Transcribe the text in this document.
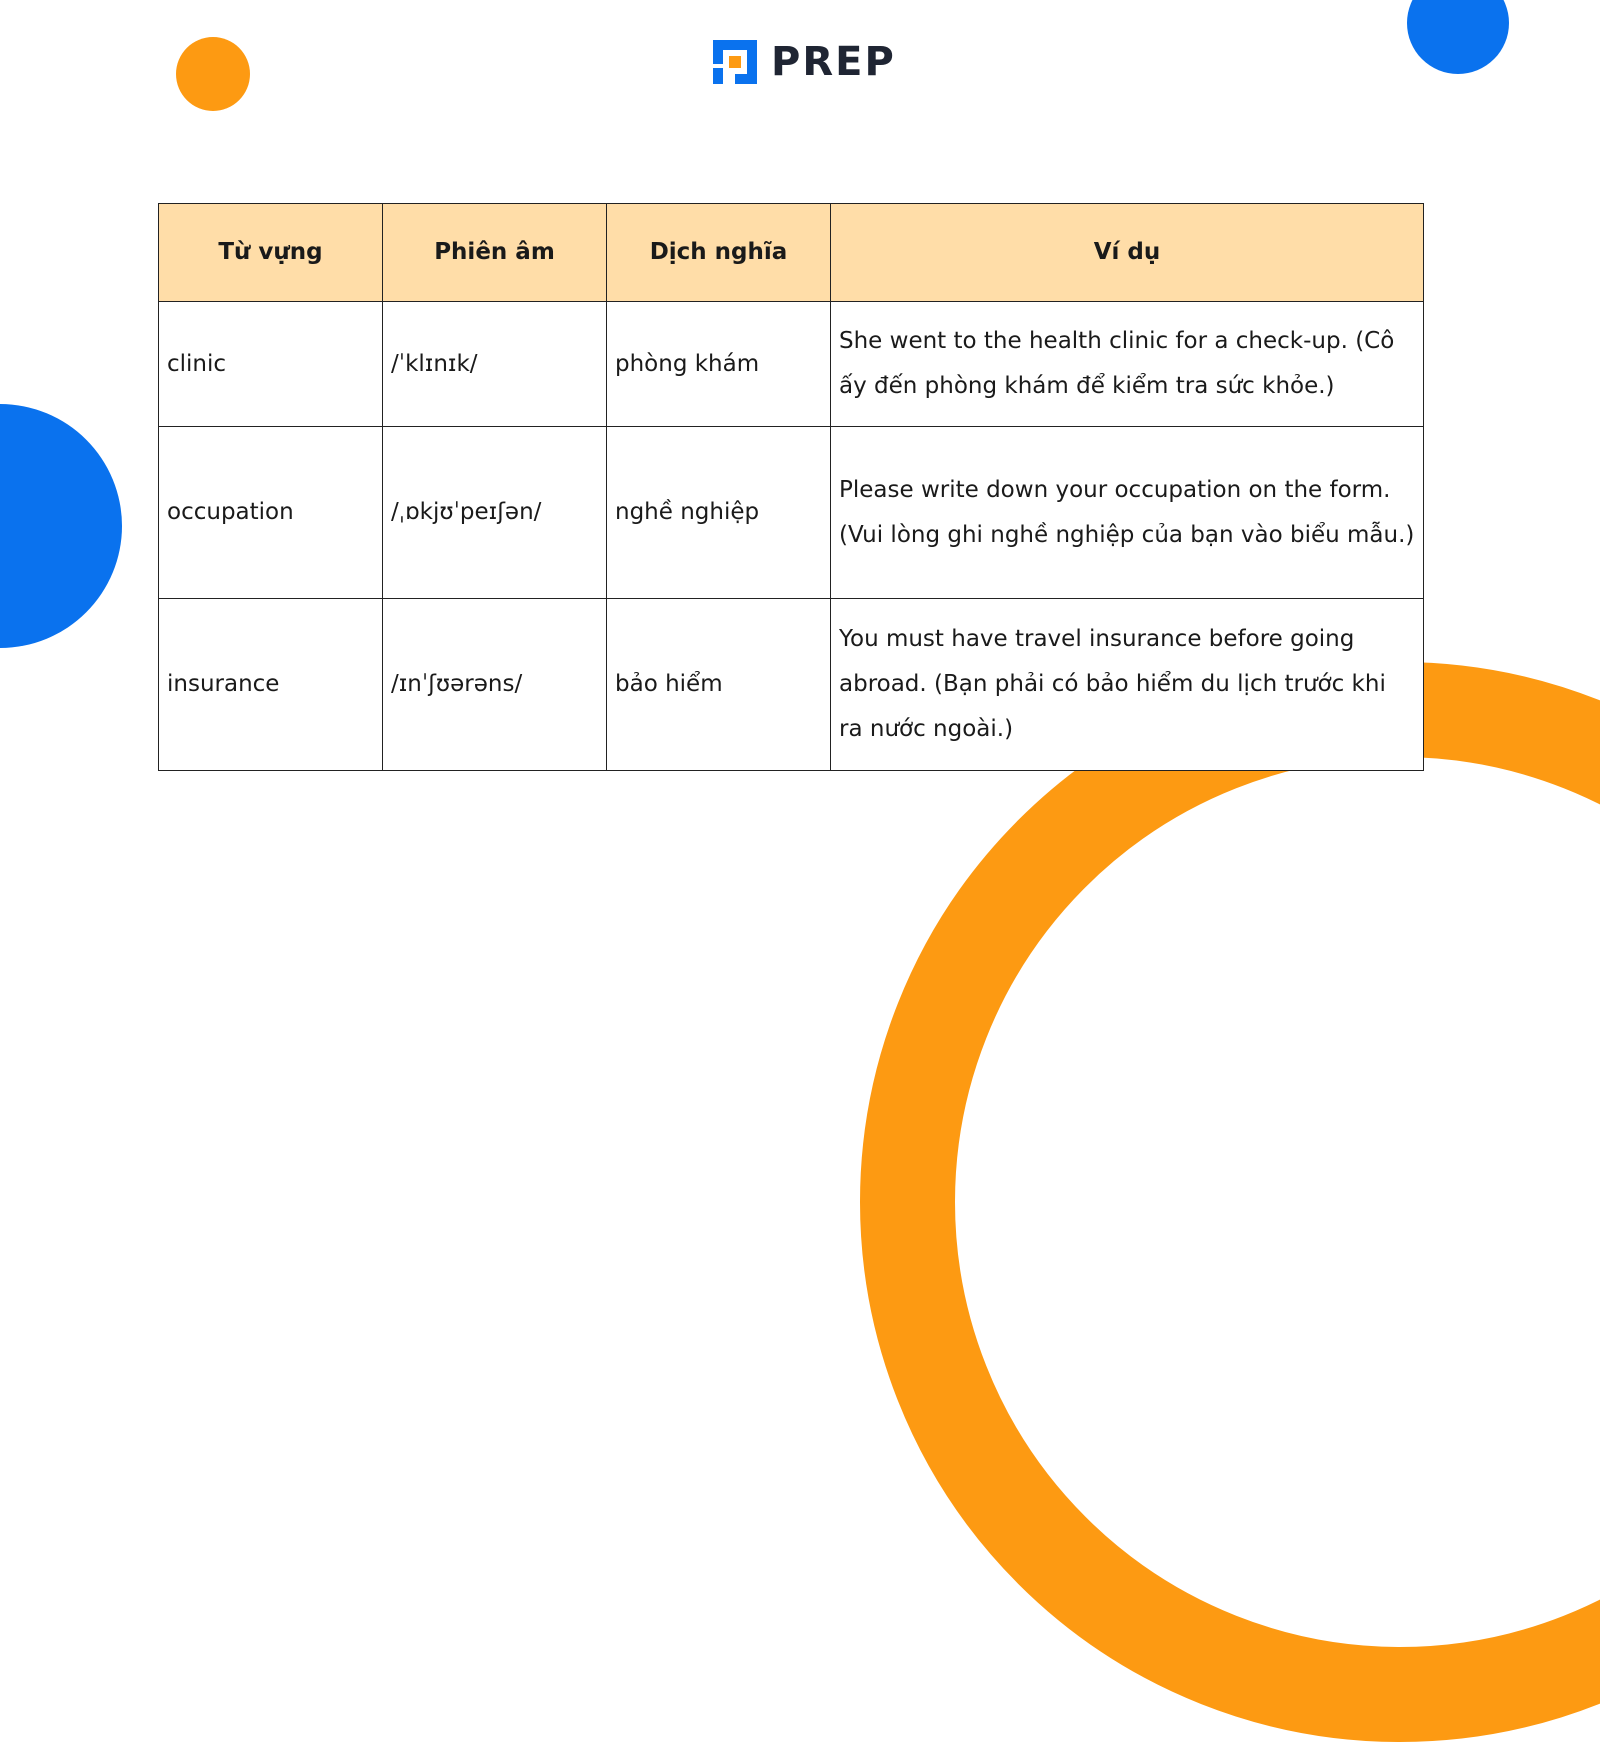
PREP
Từ vựng	Phiên âm	Dịch nghĩa	Ví dụ
clinic	/ˈklɪnɪk/	phòng khám	She went to the health clinic for a check-up. (Cô ấy đến phòng khám để kiểm tra sức khỏe.)
occupation	/ˌɒkjʊˈpeɪʃən/	nghề nghiệp	Please write down your occupation on the form. (Vui lòng ghi nghề nghiệp của bạn vào biểu mẫu.)
insurance	/ɪnˈʃʊərəns/	bảo hiểm	You must have travel insurance before going abroad. (Bạn phải có bảo hiểm du lịch trước khi ra nước ngoài.)
